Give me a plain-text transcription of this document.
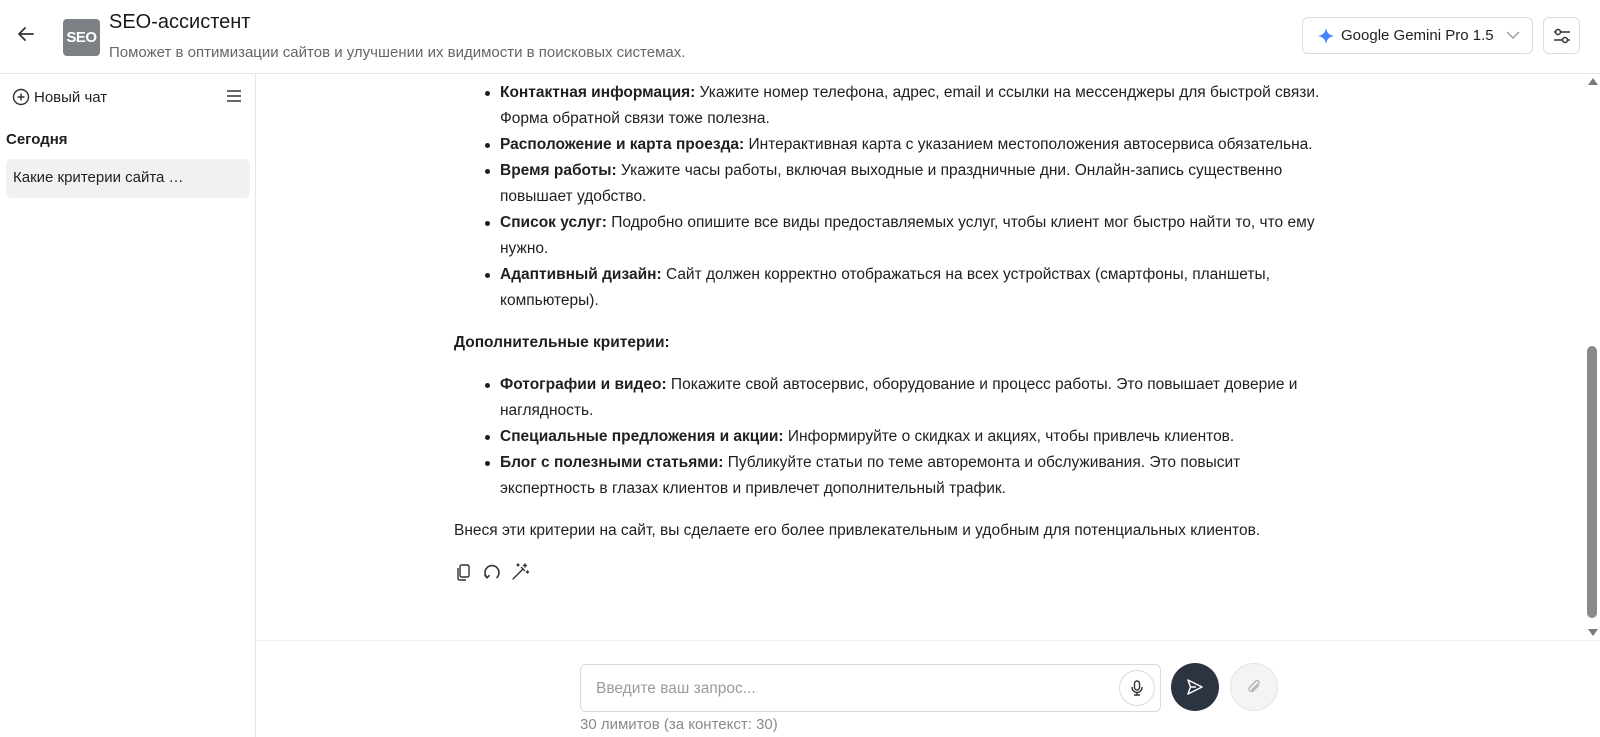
SEO
SEO-ассистент
Поможет в оптимизации сайтов и улучшении их видимости в поисковых системах.
Google Gemini Pro 1.5
Новый чат
Сегодня
Какие критерии сайта …
Контактная информация: Укажите номер телефона, адрес, email и ссылки на мессенджеры для быстрой связи. Форма обратной связи тоже полезна.
Расположение и карта проезда: Интерактивная карта с указанием местоположения автосервиса обязательна.
Время работы: Укажите часы работы, включая выходные и праздничные дни. Онлайн-запись существенно повышает удобство.
Список услуг: Подробно опишите все виды предоставляемых услуг, чтобы клиент мог быстро найти то, что ему нужно.
Адаптивный дизайн: Сайт должен корректно отображаться на всех устройствах (смартфоны, планшеты, компьютеры).
Дополнительные критерии:
Фотографии и видео: Покажите свой автосервис, оборудование и процесс работы. Это повышает доверие и наглядность.
Специальные предложения и акции: Информируйте о скидках и акциях, чтобы привлечь клиентов.
Блог с полезными статьями: Публикуйте статьи по теме авторемонта и обслуживания. Это повысит экспертность в глазах клиентов и привлечет дополнительный трафик.
Внеся эти критерии на сайт, вы сделаете его более привлекательным и удобным для потенциальных клиентов.
Введите ваш запрос...
30 лимитов (за контекст: 30)
